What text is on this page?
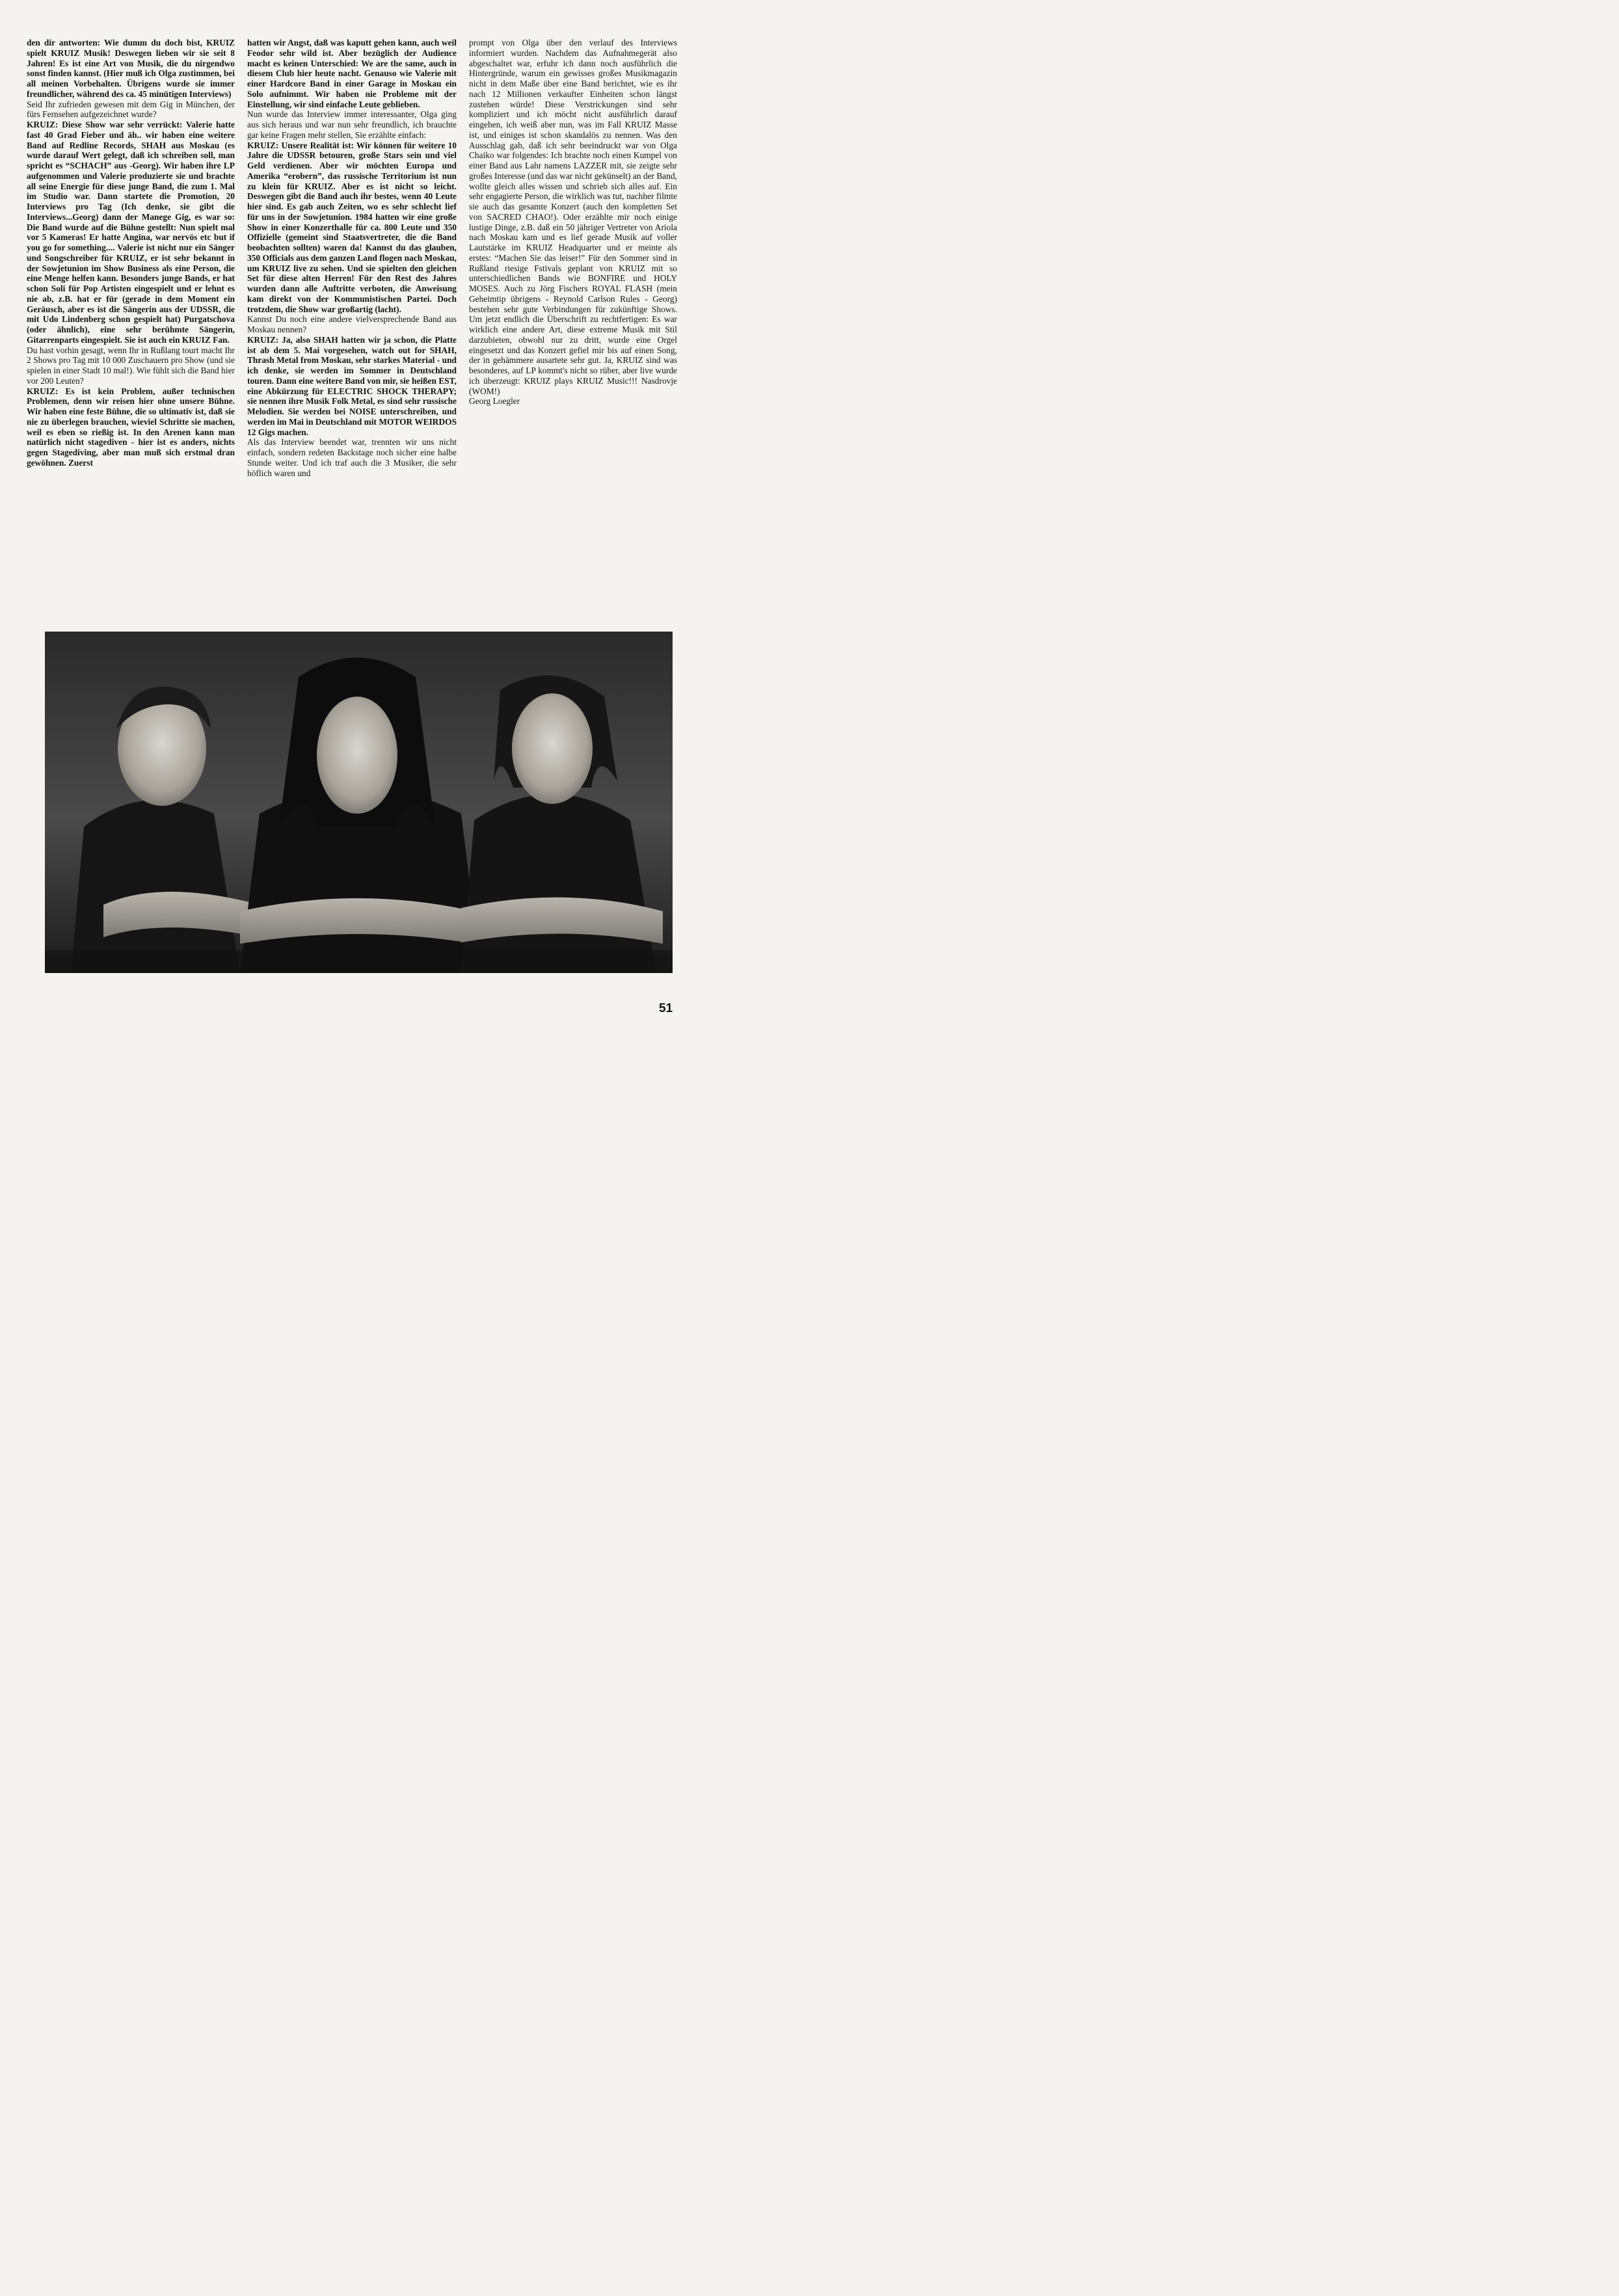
den dir antworten: Wie dumm du doch bist, KRUIZ spielt KRUIZ Musik! Deswegen lieben wir sie seit 8 Jahren! Es ist eine Art von Musik, die du nirgendwo sonst finden kannst. (Hier muß ich Olga zustimmen, bei all meinen Vorbehalten. Übrigens wurde sie immer freundlicher, während des ca. 45 minütigen Interviews)

Seid Ihr zufrieden gewesen mit dem Gig in München, der fürs Fernsehen aufgezeichnet wurde?

KRUIZ: Diese Show war sehr verrückt: Valerie hatte fast 40 Grad Fieber und äh.. wir haben eine weitere Band auf Redline Records, SHAH aus Moskau (es wurde darauf Wert gelegt, daß ich schreiben soll, man spricht es “SCHACH” aus -Georg). Wir haben ihre LP aufgenommen und Valerie produzierte sie und brachte all seine Energie für diese junge Band, die zum 1. Mal im Studio war. Dann startete die Promotion, 20 Interviews pro Tag (Ich denke, sie gibt die Interviews...Georg) dann der Manege Gig, es war so: Die Band wurde auf die Bühne gestellt: Nun spielt mal vor 5 Kameras! Er hatte Angina, war nervös etc but if you go for something.... Valerie ist nicht nur ein Sänger und Songschreiber für KRUIZ, er ist sehr bekannt in der Sowjetunion im Show Business als eine Person, die eine Menge helfen kann. Besonders junge Bands, er hat schon Soli für Pop Artisten eingespielt und er lehnt es nie ab, z.B. hat er für (gerade in dem Moment ein Geräusch, aber es ist die Sängerin aus der UDSSR, die mit Udo Lindenberg schon gespielt hat) Purgatschova (oder ähnlich), eine sehr berühmte Sängerin, Gitarrenparts eingespielt. Sie ist auch ein KRUIZ Fan.

Du hast vorhin gesagt, wenn Ihr in Rußlang tourt macht Ihr 2 Shows pro Tag mit 10 000 Zuschauern pro Show (und sie spielen in einer Stadt 10 mal!). Wie fühlt sich die Band hier vor 200 Leuten?

KRUIZ: Es ist kein Problem, außer technischen Problemen, denn wir reisen hier ohne unsere Bühne. Wir haben eine feste Bühne, die so ultimativ ist, daß sie nie zu überlegen brauchen, wieviel Schritte sie machen, weil es eben so rießig ist. In den Arenen kann man natürlich nicht stagediven - hier ist es anders, nichts gegen Stagediving, aber man muß sich erstmal dran gewöhnen. Zuerst

hatten wir Angst, daß was kaputt gehen kann, auch weil Feodor sehr wild ist. Aber bezüglich der Audience macht es keinen Unterschied: We are the same, auch in diesem Club hier heute nacht. Genauso wie Valerie mit einer Hardcore Band in einer Garage in Moskau ein Solo aufnimmt. Wir haben nie Probleme mit der Einstellung, wir sind einfache Leute geblieben.

Nun wurde das Interview immer interessanter, Olga ging aus sich heraus und war nun sehr freundlich, ich brauchte gar keine Fragen mehr stellen, Sie erzählte einfach:

KRUIZ: Unsere Realität ist: Wir können für weitere 10 Jahre die UDSSR betouren, große Stars sein und viel Geld verdienen. Aber wir möchten Europa und Amerika “erobern”, das russische Territorium ist nun zu klein für KRUIZ. Aber es ist nicht so leicht. Deswegen gibt die Band auch ihr bestes, wenn 40 Leute hier sind. Es gab auch Zeiten, wo es sehr schlecht lief für uns in der Sowjetunion. 1984 hatten wir eine große Show in einer Konzerthalle für ca. 800 Leute und 350 Offizielle (gemeint sind Staatsvertreter, die die Band beobachten sollten) waren da! Kannst du das glauben, 350 Officials aus dem ganzen Land flogen nach Moskau, um KRUIZ live zu sehen. Und sie spielten den gleichen Set für diese alten Herren! Für den Rest des Jahres wurden dann alle Auftritte verboten, die Anweisung kam direkt von der Kommunistischen Partei. Doch trotzdem, die Show war großartig (lacht).

Kannst Du noch eine andere vielversprechende Band aus Moskau nennen?

KRUIZ: Ja, also SHAH hatten wir ja schon, die Platte ist ab dem 5. Mai vorgesehen, watch out for SHAH, Thrash Metal from Moskau, sehr starkes Material - und ich denke, sie werden im Sommer in Deutschland touren. Dann eine weitere Band von mir, sie heißen EST, eine Abkürzung für ELECTRIC SHOCK THERAPY; sie nennen ihre Musik Folk Metal, es sind sehr russische Melodien. Sie werden bei NOISE unterschreiben, und werden im Mai in Deutschland mit MOTOR WEIRDOS 12 Gigs machen.

Als das Interview beendet war, trennten wir uns nicht einfach, sondern redeten Backstage noch sicher eine halbe Stunde weiter. Und ich traf auch die 3 Musiker, die sehr höflich waren und

prompt von Olga über den verlauf des Interviews informiert wurden. Nachdem das Aufnahmegerät also abgeschaltet war, erfuhr ich dann noch ausführlich die Hintergründe, warum ein gewisses großes Musikmagazin nicht in dem Maße über eine Band berichtet, wie es ihr nach 12 Millionen verkaufter Einheiten schon längst zustehen würde! Diese Verstrickungen sind sehr kompliziert und ich möcht nicht ausführlich darauf eingehen, ich weiß aber nun, was im Fall KRUIZ Masse ist, und einiges ist schon skandalös zu nennen. Was den Ausschlag gab, daß ich sehr beeindruckt war von Olga Chaiko war folgendes: Ich brachte noch einen Kumpel von einer Band aus Lahr namens LAZZER mit, sie zeigte sehr großes Interesse (und das war nicht gekünselt) an der Band, wollte gleich alles wissen und schrieb sich alles auf. Ein sehr engagierte Person, die wirklich was tut, nachher filmte sie auch das gesamte Konzert (auch den kompletten Set von SACRED CHAO!). Oder erzählte mir noch einige lustige Dinge, z.B. daß ein 50 jähriger Vertreter von Ariola nach Moskau kam und es lief gerade Musik auf voller Lautstärke im KRUIZ Headquarter und er meinte als erstes: “Machen Sie das leiser!” Für den Sommer sind in Rußland riesige Fstivals geplant von KRUIZ mit so unterschiedlichen Bands wie BONFIRE und HOLY MOSES. Auch zu Jörg Fischers ROYAL FLASH (mein Geheimtip übrigens - Reynold Carlson Rules - Georg) bestehen sehr gute Verbindungen für zukünftige Shows. Um jetzt endlich die Überschrift zu rechtfertigen: Es war wirklich eine andere Art, diese extreme Musik mit Stil darzubieten, obwohl nur zu dritt, wurde eine Orgel eingesetzt und das Konzert gefiel mir bis auf einen Song, der in gehämmere ausartete sehr gut. Ja, KRUIZ sind was besonderes, auf LP kommt's nicht so rüber, aber live wurde ich überzeugt: KRUIZ plays KRUIZ Music!!! Nasdrovje (WOM!)

Georg Loegler

51
